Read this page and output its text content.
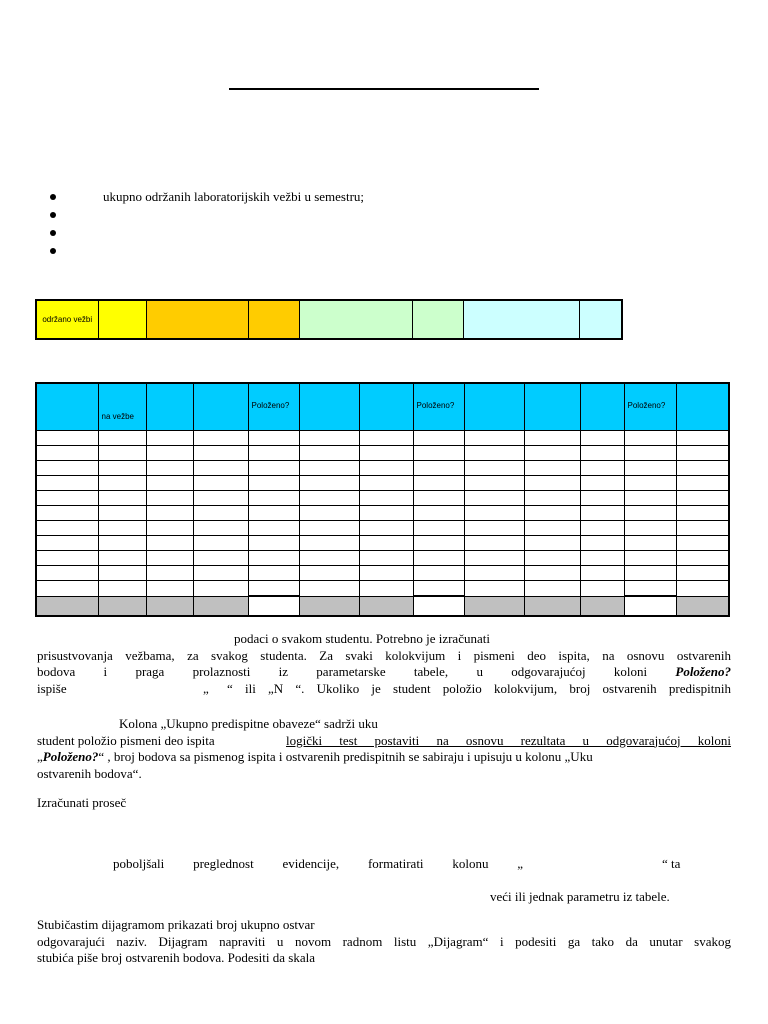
ukupno održanih laboratorijskih vežbi u semestru;
održano vežbi							

	na vežbe			Položeno?			Položeno?				Položeno?	

podaci o svakom studentu. Potrebno je izračunati
prisustvovanja vežbama, za svakog studenta. Za svaki kolokvijum i pismeni deo ispita, na osnovu ostvarenih
bodova i praga prolaznosti iz parametarske tabele, u odgovarajućoj koloni Položeno?
ispiše	„ “ ili „N “. Ukoliko je student položio kolokvijum, broj ostvarenih predispitnih
Kolona „Ukupno predispitne obaveze“ sadrži uku
student položio pismeni deo ispita	logički test postaviti na osnovu rezultata u odgovarajućoj koloni
„Položeno?“ , broj bodova sa pismenog ispita i ostvarenih predispitnih se sabiraju i upisuju u kolonu „Uku
ostvarenih bodova“.
Izračunati proseč
poboljšali preglednost evidencije, formatirati kolonu „	“ ta
veći ili jednak parametru iz tabele.
Stubičastim dijagramom prikazati broj ukupno ostvar
odgovarajući naziv. Dijagram napraviti u novom radnom listu „Dijagram“ i podesiti ga tako da unutar svakog
stubića piše broj ostvarenih bodova. Podesiti da skala
